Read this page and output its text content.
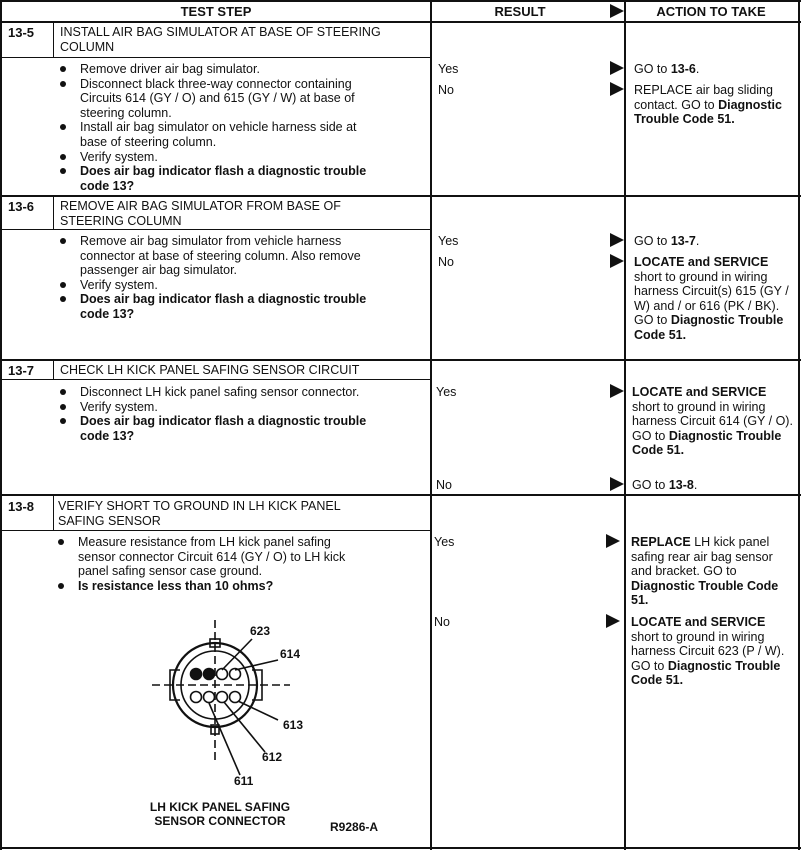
TEST STEP	RESULT	ACTION TO TAKE
13-5 INSTALL AIR BAG SIMULATOR AT BASE OF STEERING
COLUMN
Remove driver air bag simulator.
Disconnect black three-way connector containing
Circuits 614 (GY / O) and 615 (GY / W) at base of
steering column.
Install air bag simulator on vehicle harness side at
base of steering column.
Verify system.
Does air bag indicator flash a diagnostic trouble
code 13?
Yes	GO to 13-6.
No	REPLACE air bag sliding contact. GO to Diagnostic Trouble Code 51.
13-6 REMOVE AIR BAG SIMULATOR FROM BASE OF
STEERING COLUMN
Remove air bag simulator from vehicle harness
connector at base of steering column. Also remove
passenger air bag simulator.
Verify system.
Does air bag indicator flash a diagnostic trouble
code 13?
Yes	GO to 13-7.
No	LOCATE and SERVICE short to ground in wiring harness Circuit(s) 615 (GY / W) and / or 616 (PK / BK). GO to Diagnostic Trouble Code 51.
13-7 CHECK LH KICK PANEL SAFING SENSOR CIRCUIT
Disconnect LH kick panel safing sensor connector.
Verify system.
Does air bag indicator flash a diagnostic trouble
code 13?
Yes	LOCATE and SERVICE short to ground in wiring harness Circuit 614 (GY / O). GO to Diagnostic Trouble Code 51.
No	GO to 13-8.
13-8 VERIFY SHORT TO GROUND IN LH KICK PANEL
SAFING SENSOR
Measure resistance from LH kick panel safing
sensor connector Circuit 614 (GY / O) to LH kick
panel safing sensor case ground.
Is resistance less than 10 ohms?
Yes	REPLACE LH kick panel safing rear air bag sensor and bracket. GO to Diagnostic Trouble Code 51.
No	LOCATE and SERVICE short to ground in wiring harness Circuit 623 (P / W). GO to Diagnostic Trouble Code 51.
623
614
613
612
611
LH KICK PANEL SAFING
SENSOR CONNECTOR	R9286-A
